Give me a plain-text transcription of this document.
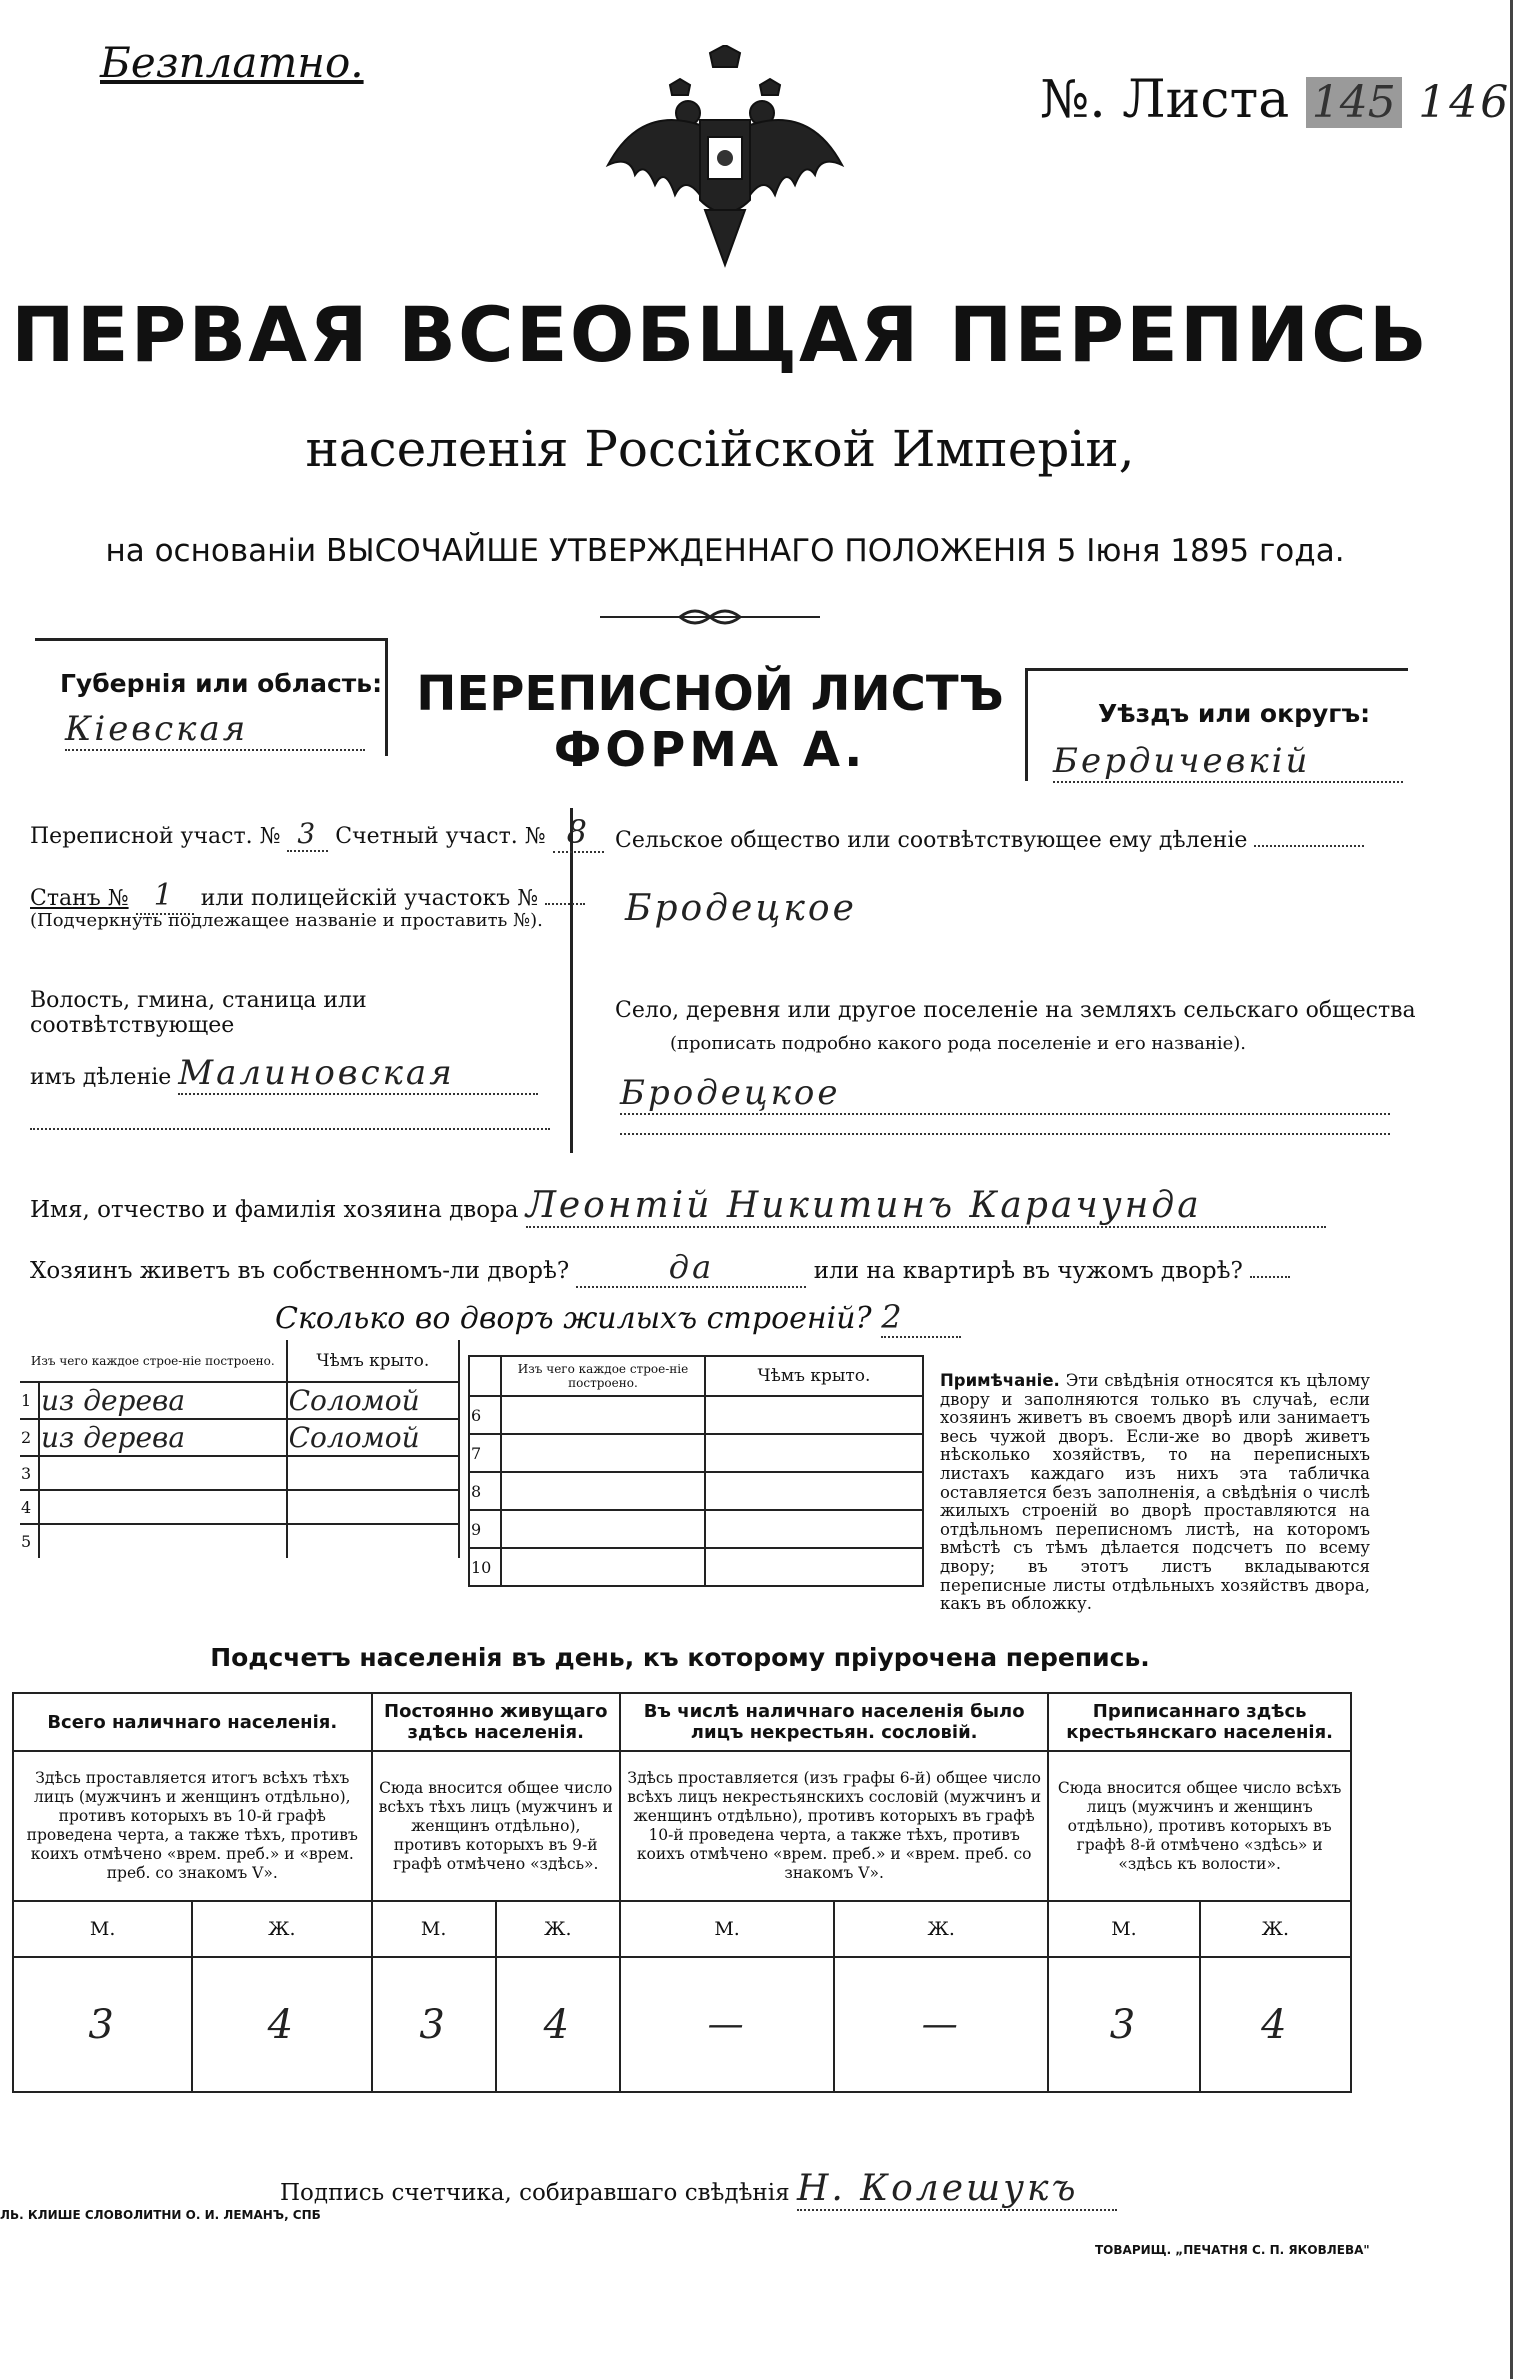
Безплатно.
№. Листа 145 146
ПЕРВАЯ ВСЕОБЩАЯ ПЕРЕПИСЬ
населенія Россійской Имперіи,
на основаніи ВЫСОЧАЙШЕ УТВЕРЖДЕННАГО ПОЛОЖЕНІЯ 5 Іюня 1895 года.
Губернія или область:
Кіевская
ПЕРЕПИСНОЙ ЛИСТЪ
ФОРМА А.
Уѣздъ или округъ:
Бердичевкій
Переписной участ. № 3 Счетный участ. № 8
Станъ № 1 или полицейскій участокъ №
(Подчеркнуть подлежащее названіе и проставить №).
Волость, гмина, станица или соотвѣтствующее
имъ дѣленіе Малиновская
Сельское общество или соотвѣтствующее ему дѣленіе
Бродецкое
Село, деревня или другое поселеніе на земляхъ сельскаго общества
(прописать подробно какого рода поселеніе и его названіе).
Бродецкое
Имя, отчество и фамилія хозяина двора Леонтій Никитинъ Карачунда
Хозяинъ живетъ въ собственномъ-ли дворѣ?	да	или на квартирѣ въ чужомъ дворѣ?
Сколько во дворъ жилыхъ строеній? 2
Изъ чего каждое строе-ніе построено.		Чѣмъ крыто.
1	из дерева	Соломой
2	из дерева	Соломой
3		
4		
5		
	Изъ чего каждое строе-ніе построено.	Чѣмъ крыто.
6		
7		
8		
9		
10		
Примѣчаніе. Эти свѣдѣнія относятся къ цѣлому двору и заполняются только въ случаѣ, если хозяинъ живетъ въ своемъ дворѣ или занимаетъ весь чужой дворъ. Если-же во дворѣ живетъ нѣсколько хозяйствъ, то на переписныхъ листахъ каждаго изъ нихъ эта табличка оставляется безъ заполненія, а свѣдѣнія о числѣ жилыхъ строеній во дворѣ проставляются на отдѣльномъ переписномъ листѣ, на которомъ вмѣстѣ съ тѣмъ дѣлается подсчетъ по всему двору; въ этотъ листъ вкладываются переписные листы отдѣльныхъ хозяйствъ двора, какъ въ обложку.
Подсчетъ населенія въ день, къ которому пріурочена перепись.
Всего наличнаго населенія.		Постоянно живущаго здѣсь населенія.		Въ числѣ наличнаго населенія было лицъ некрестьян. сословій.		Приписаннаго здѣсь крестьянскаго населенія.	
Здѣсь проставляется итогъ всѣхъ тѣхъ лицъ (мужчинъ и женщинъ отдѣльно), противъ которыхъ въ 10-й графѣ проведена черта, а также тѣхъ, противъ коихъ отмѣчено «врем. преб.» и «врем. преб. со знакомъ V».		Сюда вносится общее число всѣхъ тѣхъ лицъ (мужчинъ и женщинъ отдѣльно), противъ которыхъ въ 9-й графѣ отмѣчено «здѣсь».		Здѣсь проставляется (изъ графы 6-й) общее число всѣхъ лицъ некрестьянскихъ сословій (мужчинъ и женщинъ отдѣльно), противъ которыхъ въ графѣ 10-й проведена черта, а также тѣхъ, противъ коихъ отмѣчено «врем. преб.» и «врем. преб. со знакомъ V».		Сюда вносится общее число всѣхъ лицъ (мужчинъ и женщинъ отдѣльно), противъ которыхъ въ графѣ 8-й отмѣчено «здѣсь» и «здѣсь къ волости».	
М.	Ж.	М.	Ж.	М.	Ж.	М.	Ж.
3	4	3	4	—	—	3	4
Подпись счетчика, собиравшаго свѣдѣнія Н. Колешукъ
ЛЬ. КЛИШЕ СЛОВОЛИТНИ О. И. ЛЕМАНЪ, СПБ
ТОВАРИЩ. „ПЕЧАТНЯ С. П. ЯКОВЛЕВА"
